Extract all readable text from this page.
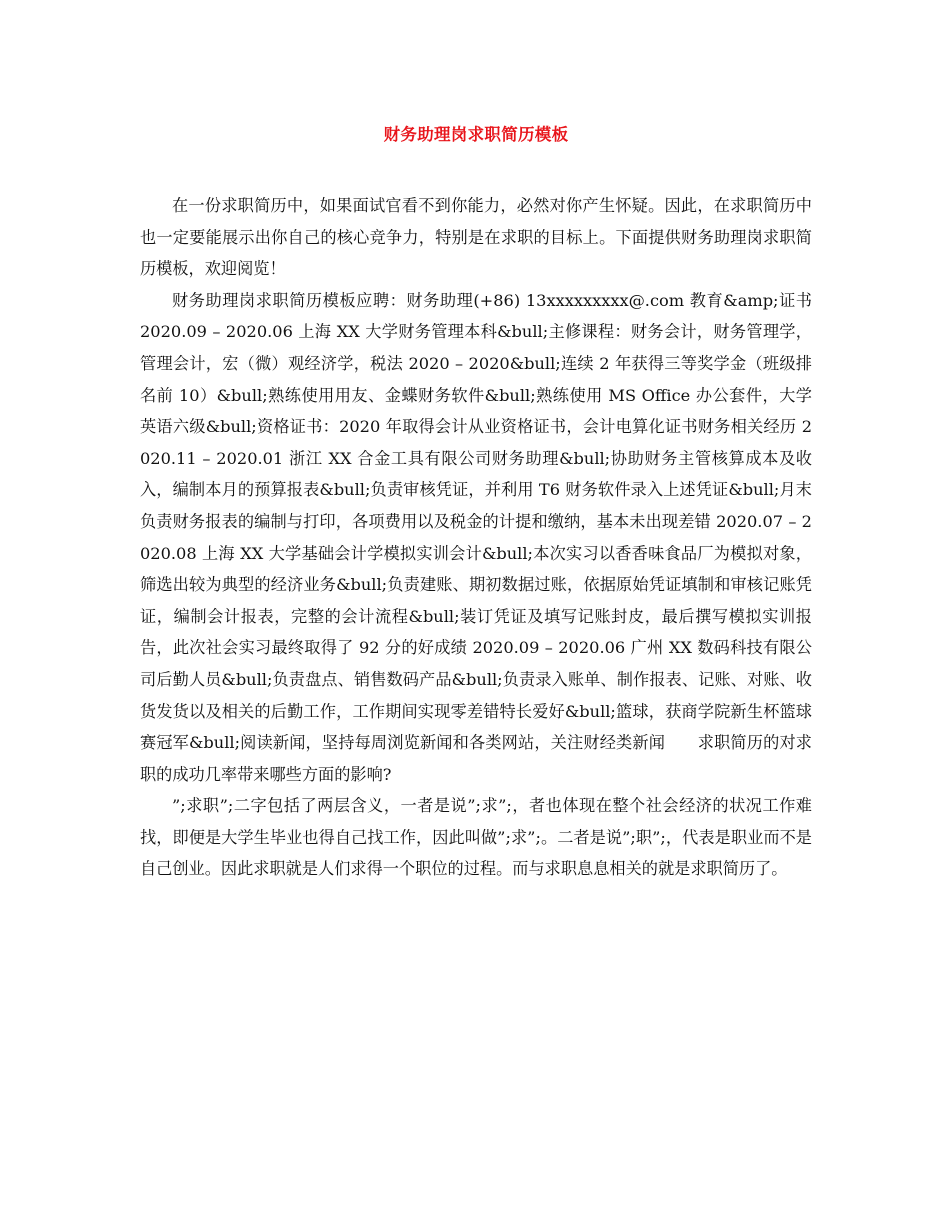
财务助理岗求职简历模板

在一份求职简历中，如果面试官看不到你能力，必然对你产生怀疑。因此，在求职简历中也一定要能展示出你自己的核心竞争力，特别是在求职的目标上。下面提供财务助理岗求职简历模板，欢迎阅览！

财务助理岗求职简历模板应聘：财务助理(+86) 13xxxxxxxxx@.com 教育&amp;证书 2020.09 – 2020.06 上海 XX 大学财务管理本科&bull;主修课程：财务会计，财务管理学，管理会计，宏（微）观经济学，税法 2020 – 2020&bull;连续 2 年获得三等奖学金（班级排名前 10）&bull;熟练使用用友、金蝶财务软件&bull;熟练使用 MS Office 办公套件，大学英语六级&bull;资格证书：2020 年取得会计从业资格证书，会计电算化证书财务相关经历 2020.11 – 2020.01 浙江 XX 合金工具有限公司财务助理&bull;协助财务主管核算成本及收入，编制本月的预算报表&bull;负责审核凭证，并利用 T6 财务软件录入上述凭证&bull;月末负责财务报表的编制与打印，各项费用以及税金的计提和缴纳，基本未出现差错 2020.07 – 2020.08 上海 XX 大学基础会计学模拟实训会计&bull;本次实习以香香味食品厂为模拟对象，筛选出较为典型的经济业务&bull;负责建账、期初数据过账，依据原始凭证填制和审核记账凭证，编制会计报表，完整的会计流程&bull;装订凭证及填写记账封皮，最后撰写模拟实训报告，此次社会实习最终取得了 92 分的好成绩 2020.09 – 2020.06 广州 XX 数码科技有限公司后勤人员&bull;负责盘点、销售数码产品&bull;负责录入账单、制作报表、记账、对账、收货发货以及相关的后勤工作，工作期间实现零差错特长爱好&bull;篮球，获商学院新生杯篮球赛冠军&bull;阅读新闻，坚持每周浏览新闻和各类网站，关注财经类新闻　　求职简历的对求职的成功几率带来哪些方面的影响?

”;求职”;二字包括了两层含义，一者是说”;求”;，者也体现在整个社会经济的状况工作难找，即便是大学生毕业也得自己找工作，因此叫做”;求”;。二者是说”;职”;，代表是职业而不是自己创业。因此求职就是人们求得一个职位的过程。而与求职息息相关的就是求职简历了。
